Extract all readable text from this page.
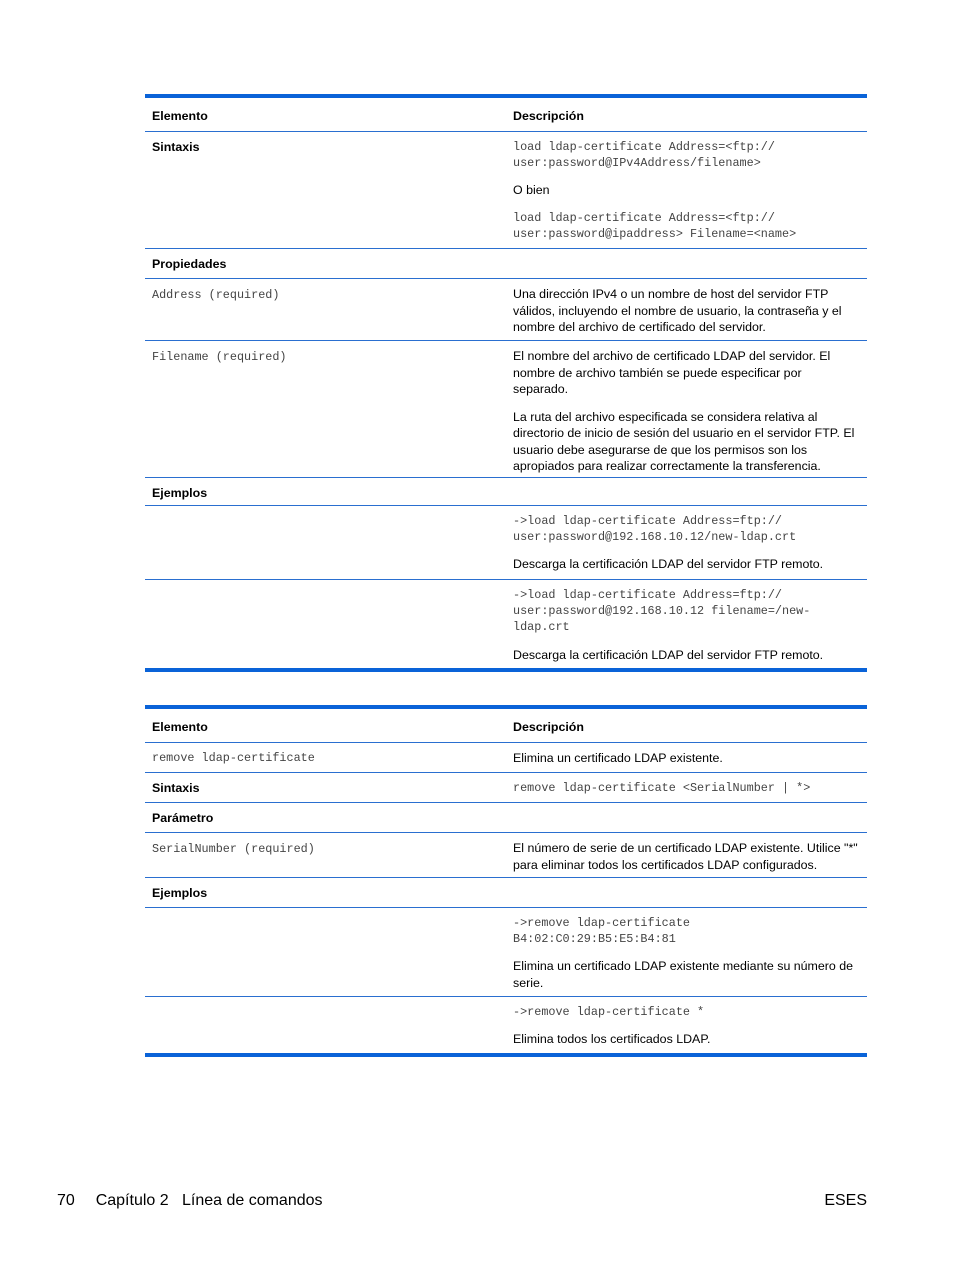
Elemento	Descripción
Sintaxis	load ldap-certificate Address=<ftp://
user:password@IPv4Address/filename>

O bien

load ldap-certificate Address=<ftp://
user:password@ipaddress> Filename=<name>

Propiedades
Address (required)	Una dirección IPv4 o un nombre de host del servidor FTP válidos, incluyendo el nombre de usuario, la contraseña y el nombre del archivo de certificado del servidor.
Filename (required)	El nombre del archivo de certificado LDAP del servidor. El nombre de archivo también se puede especificar por separado.

La ruta del archivo especificada se considera relativa al directorio de inicio de sesión del usuario en el servidor FTP. El usuario debe asegurarse de que los permisos son los apropiados para realizar correctamente la transferencia.

Ejemplos

->load ldap-certificate Address=ftp://
user:password@192.168.10.12/new-ldap.crt

Descarga la certificación LDAP del servidor FTP remoto.

->load ldap-certificate Address=ftp://
user:password@192.168.10.12 filename=/new-
ldap.crt

Descarga la certificación LDAP del servidor FTP remoto.

Elemento	Descripción
remove ldap-certificate	Elimina un certificado LDAP existente.
Sintaxis	remove ldap-certificate <SerialNumber | *>
Parámetro
SerialNumber (required)	El número de serie de un certificado LDAP existente. Utilice "*" para eliminar todos los certificados LDAP configurados.
Ejemplos

->remove ldap-certificate
B4:02:C0:29:B5:E5:B4:81

Elimina un certificado LDAP existente mediante su número de serie.

->remove ldap-certificate *

Elimina todos los certificados LDAP.

70 Capítulo 2   Línea de comandos	ESES
